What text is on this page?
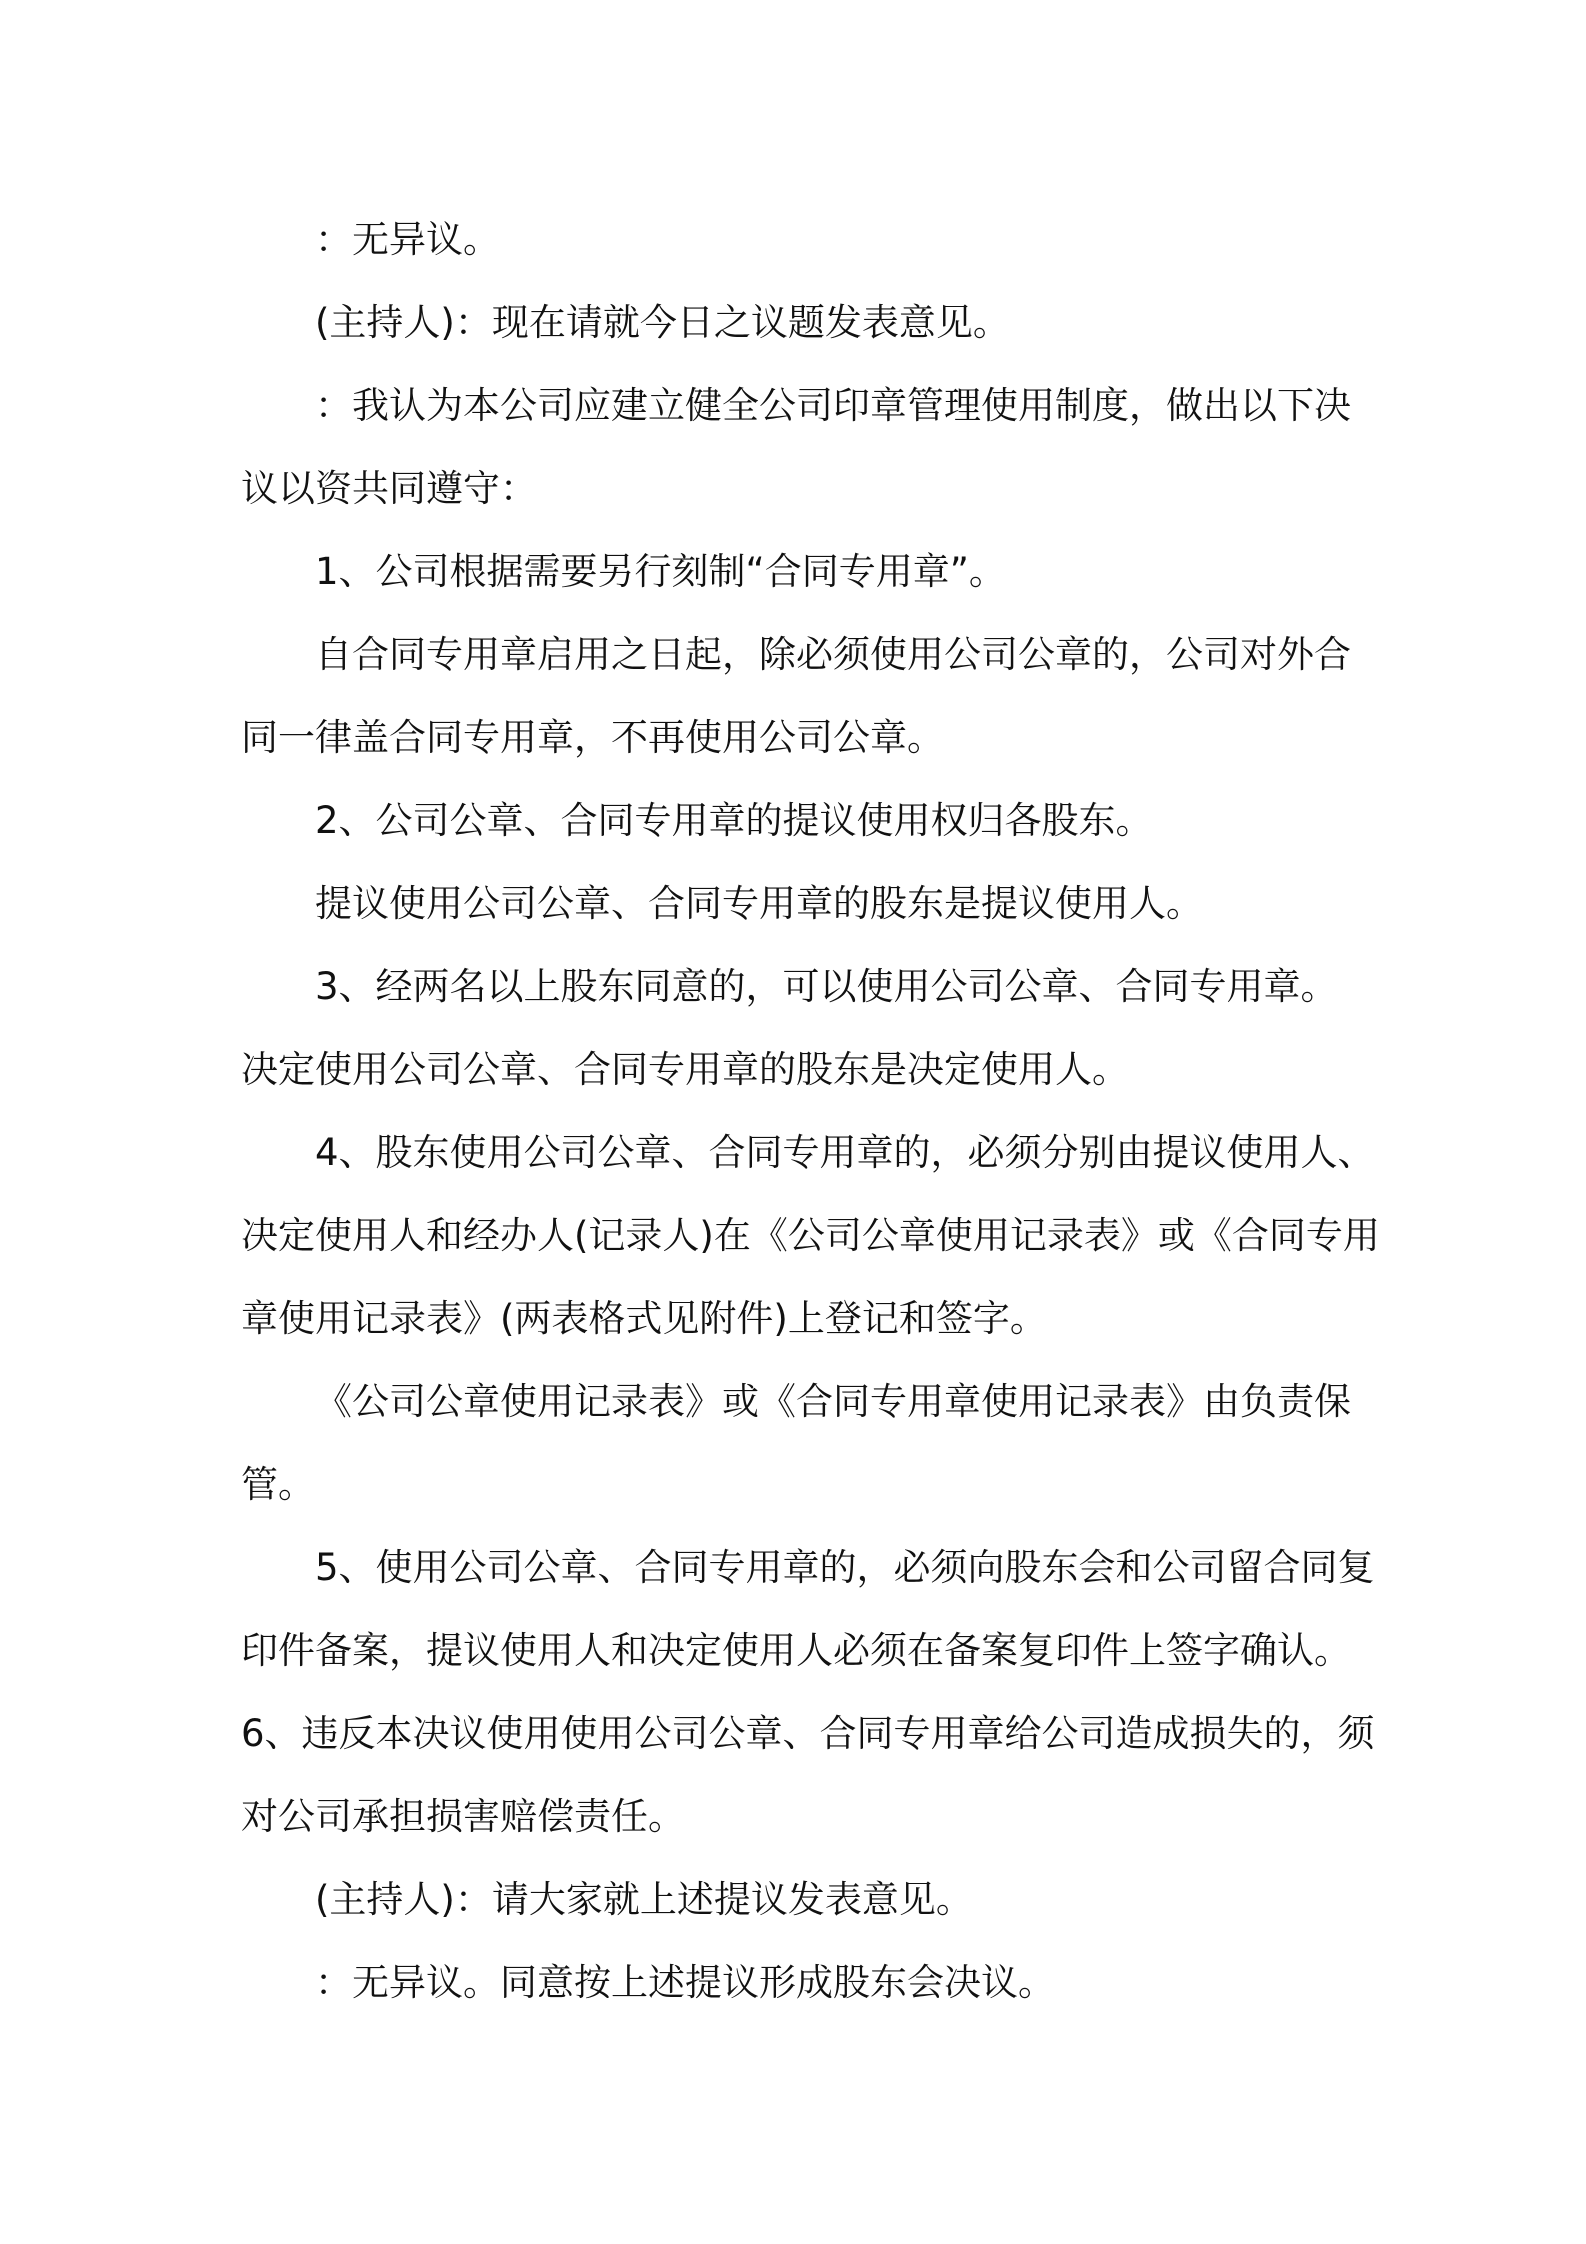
：无异议。

(主持人)：现在请就今日之议题发表意见。

：我认为本公司应建立健全公司印章管理使用制度，做出以下决议以资共同遵守：

1、公司根据需要另行刻制“合同专用章”。

自合同专用章启用之日起，除必须使用公司公章的，公司对外合同一律盖合同专用章，不再使用公司公章。

2、公司公章、合同专用章的提议使用权归各股东。

提议使用公司公章、合同专用章的股东是提议使用人。

3、经两名以上股东同意的，可以使用公司公章、合同专用章。

决定使用公司公章、合同专用章的股东是决定使用人。

4、股东使用公司公章、合同专用章的，必须分别由提议使用人、决定使用人和经办人(记录人)在《公司公章使用记录表》或《合同专用章使用记录表》(两表格式见附件)上登记和签字。

《公司公章使用记录表》或《合同专用章使用记录表》由负责保管。

5、使用公司公章、合同专用章的，必须向股东会和公司留合同复印件备案，提议使用人和决定使用人必须在备案复印件上签字确认。

6、违反本决议使用使用公司公章、合同专用章给公司造成损失的，须对公司承担损害赔偿责任。

(主持人)：请大家就上述提议发表意见。

：无异议。同意按上述提议形成股东会决议。
